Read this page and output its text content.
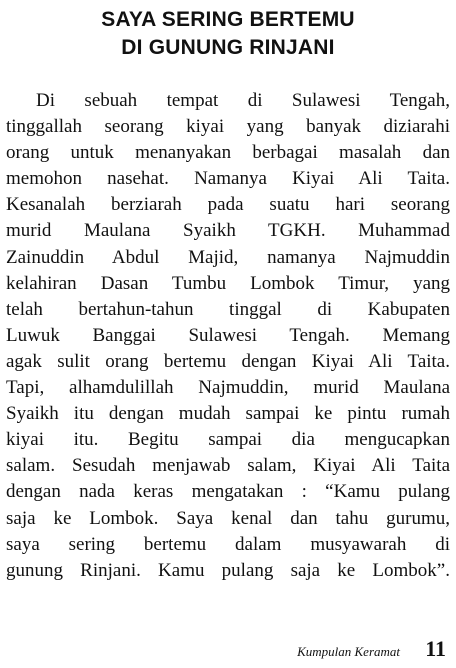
SAYA SERING BERTEMU
DI GUNUNG RINJANI
Di sebuah tempat di Sulawesi Tengah,
tinggallah seorang kiyai yang banyak diziarahi
orang untuk menanyakan berbagai masalah dan
memohon nasehat. Namanya Kiyai Ali Taita.
Kesanalah berziarah pada suatu hari seorang
murid Maulana Syaikh TGKH. Muhammad
Zainuddin Abdul Majid, namanya Najmuddin
kelahiran Dasan Tumbu Lombok Timur, yang
telah bertahun-tahun tinggal di Kabupaten
Luwuk Banggai Sulawesi Tengah. Memang
agak sulit orang bertemu dengan Kiyai Ali Taita.
Tapi, alhamdulillah Najmuddin, murid Maulana
Syaikh itu dengan mudah sampai ke pintu rumah
kiyai itu. Begitu sampai dia mengucapkan
salam. Sesudah menjawab salam, Kiyai Ali Taita
dengan nada keras mengatakan : “Kamu pulang
saja ke Lombok. Saya kenal dan tahu gurumu,
saya sering bertemu dalam musyawarah di
gunung Rinjani. Kamu pulang saja ke Lombok”.
Kumpulan Keramat 11
